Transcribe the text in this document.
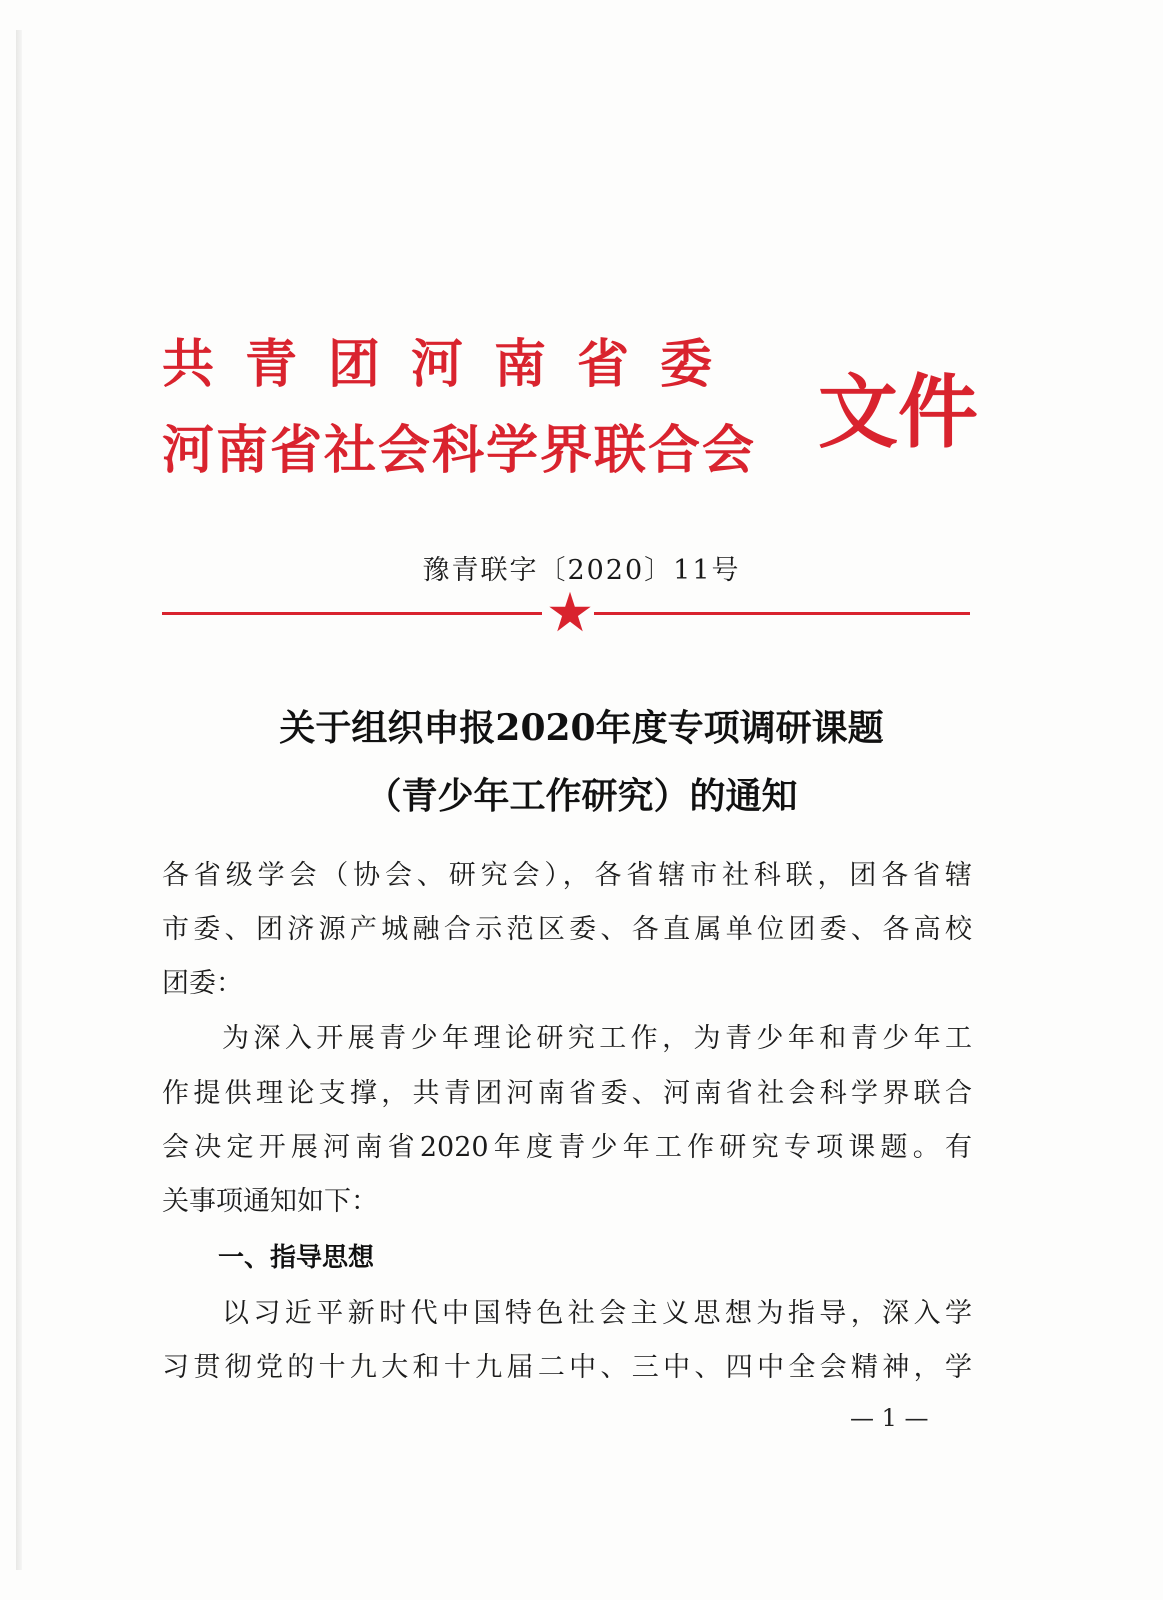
共青团河南省委
河南省社会科学界联合会 文件
豫青联字〔2020〕11号
关于组织申报2020年度专项调研课题
（青少年工作研究）的通知
各省级学会（协会、研究会），各省辖市社科联，团各省辖
市委、团济源产城融合示范区委、各直属单位团委、各高校
团委：
为深入开展青少年理论研究工作，为青少年和青少年工
作提供理论支撑，共青团河南省委、河南省社会科学界联合
会决定开展河南省2020年度青少年工作研究专项课题。有
关事项通知如下：
一、指导思想
以习近平新时代中国特色社会主义思想为指导，深入学
习贯彻党的十九大和十九届二中、三中、四中全会精神，学
— 1 —
